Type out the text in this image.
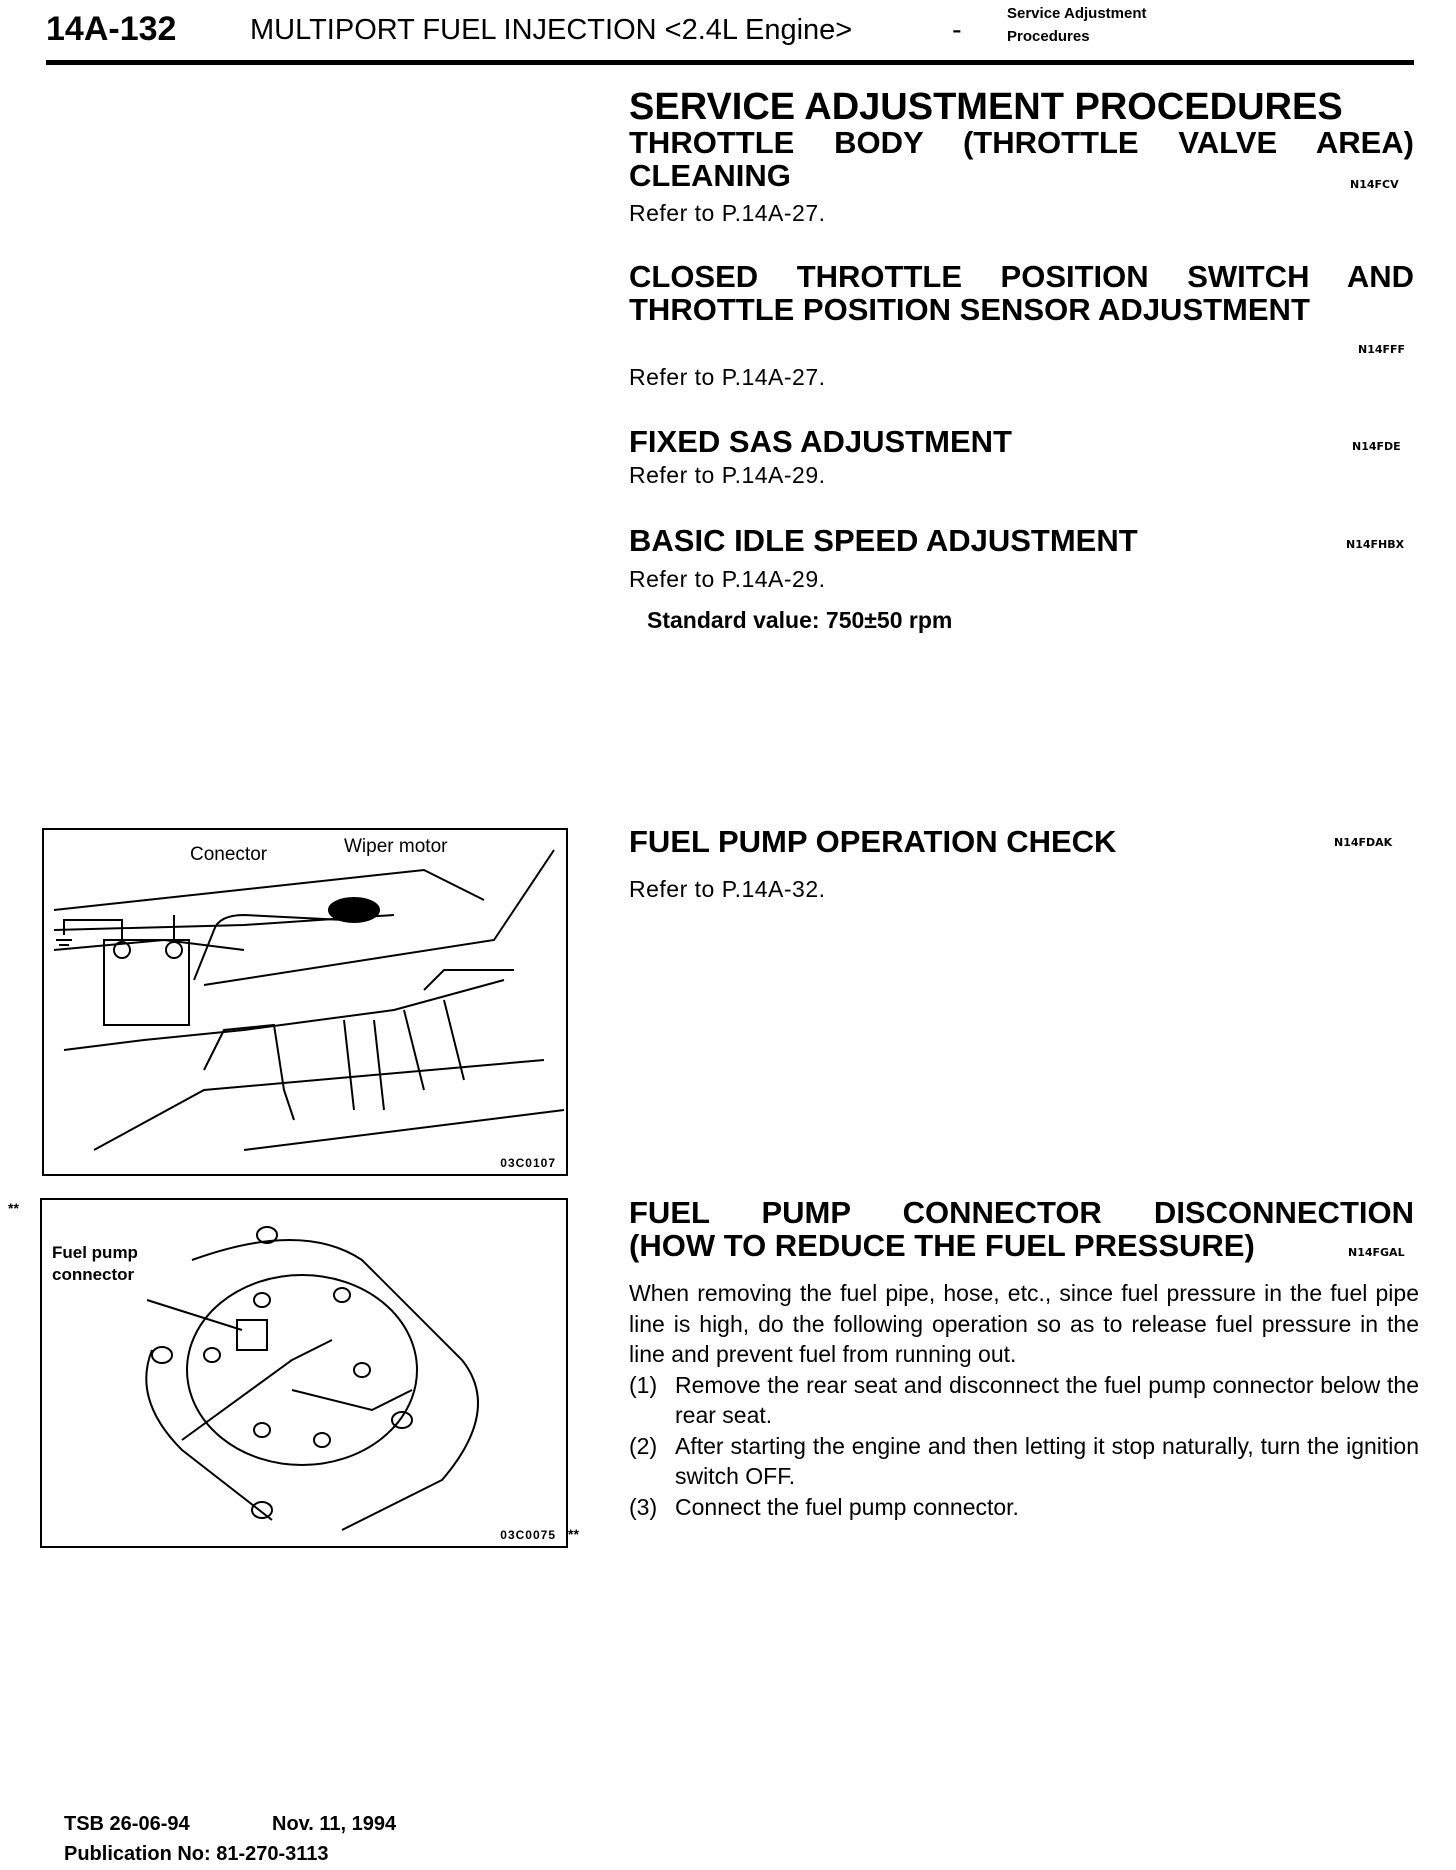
14A-132	MULTIPORT FUEL INJECTION <2.4L Engine>	-
Service Adjustment
Procedures
SERVICE ADJUSTMENT PROCEDURES
THROTTLE BODY (THROTTLE VALVE AREA)
CLEANING	N14FCV
Refer to P.14A-27.
CLOSED THROTTLE POSITION SWITCH AND
THROTTLE POSITION SENSOR ADJUSTMENT
N14FFF
Refer to P.14A-27.
FIXED SAS ADJUSTMENT	N14FDE
Refer to P.14A-29.
BASIC IDLE SPEED ADJUSTMENT	N14FHBX
Refer to P.14A-29.
Standard value: 750±50 rpm
Conector	Wiper motor
03C0107
FUEL PUMP OPERATION CHECK	N14FDAK
Refer to P.14A-32.
**
Fuel pump
connector
03C0075 **
FUEL PUMP CONNECTOR DISCONNECTION
(HOW TO REDUCE THE FUEL PRESSURE)	N14FGAL
When removing the fuel pipe, hose, etc., since fuel pressure in the fuel pipe line is high, do the following operation so as to release fuel pressure in the line and prevent fuel from running out.
(1) Remove the rear seat and disconnect the fuel pump connector below the rear seat.
(2) After starting the engine and then letting it stop naturally, turn the ignition switch OFF.
(3) Connect the fuel pump connector.
TSB 26-06-94	Nov. 11, 1994
Publication No: 81-270-3113
